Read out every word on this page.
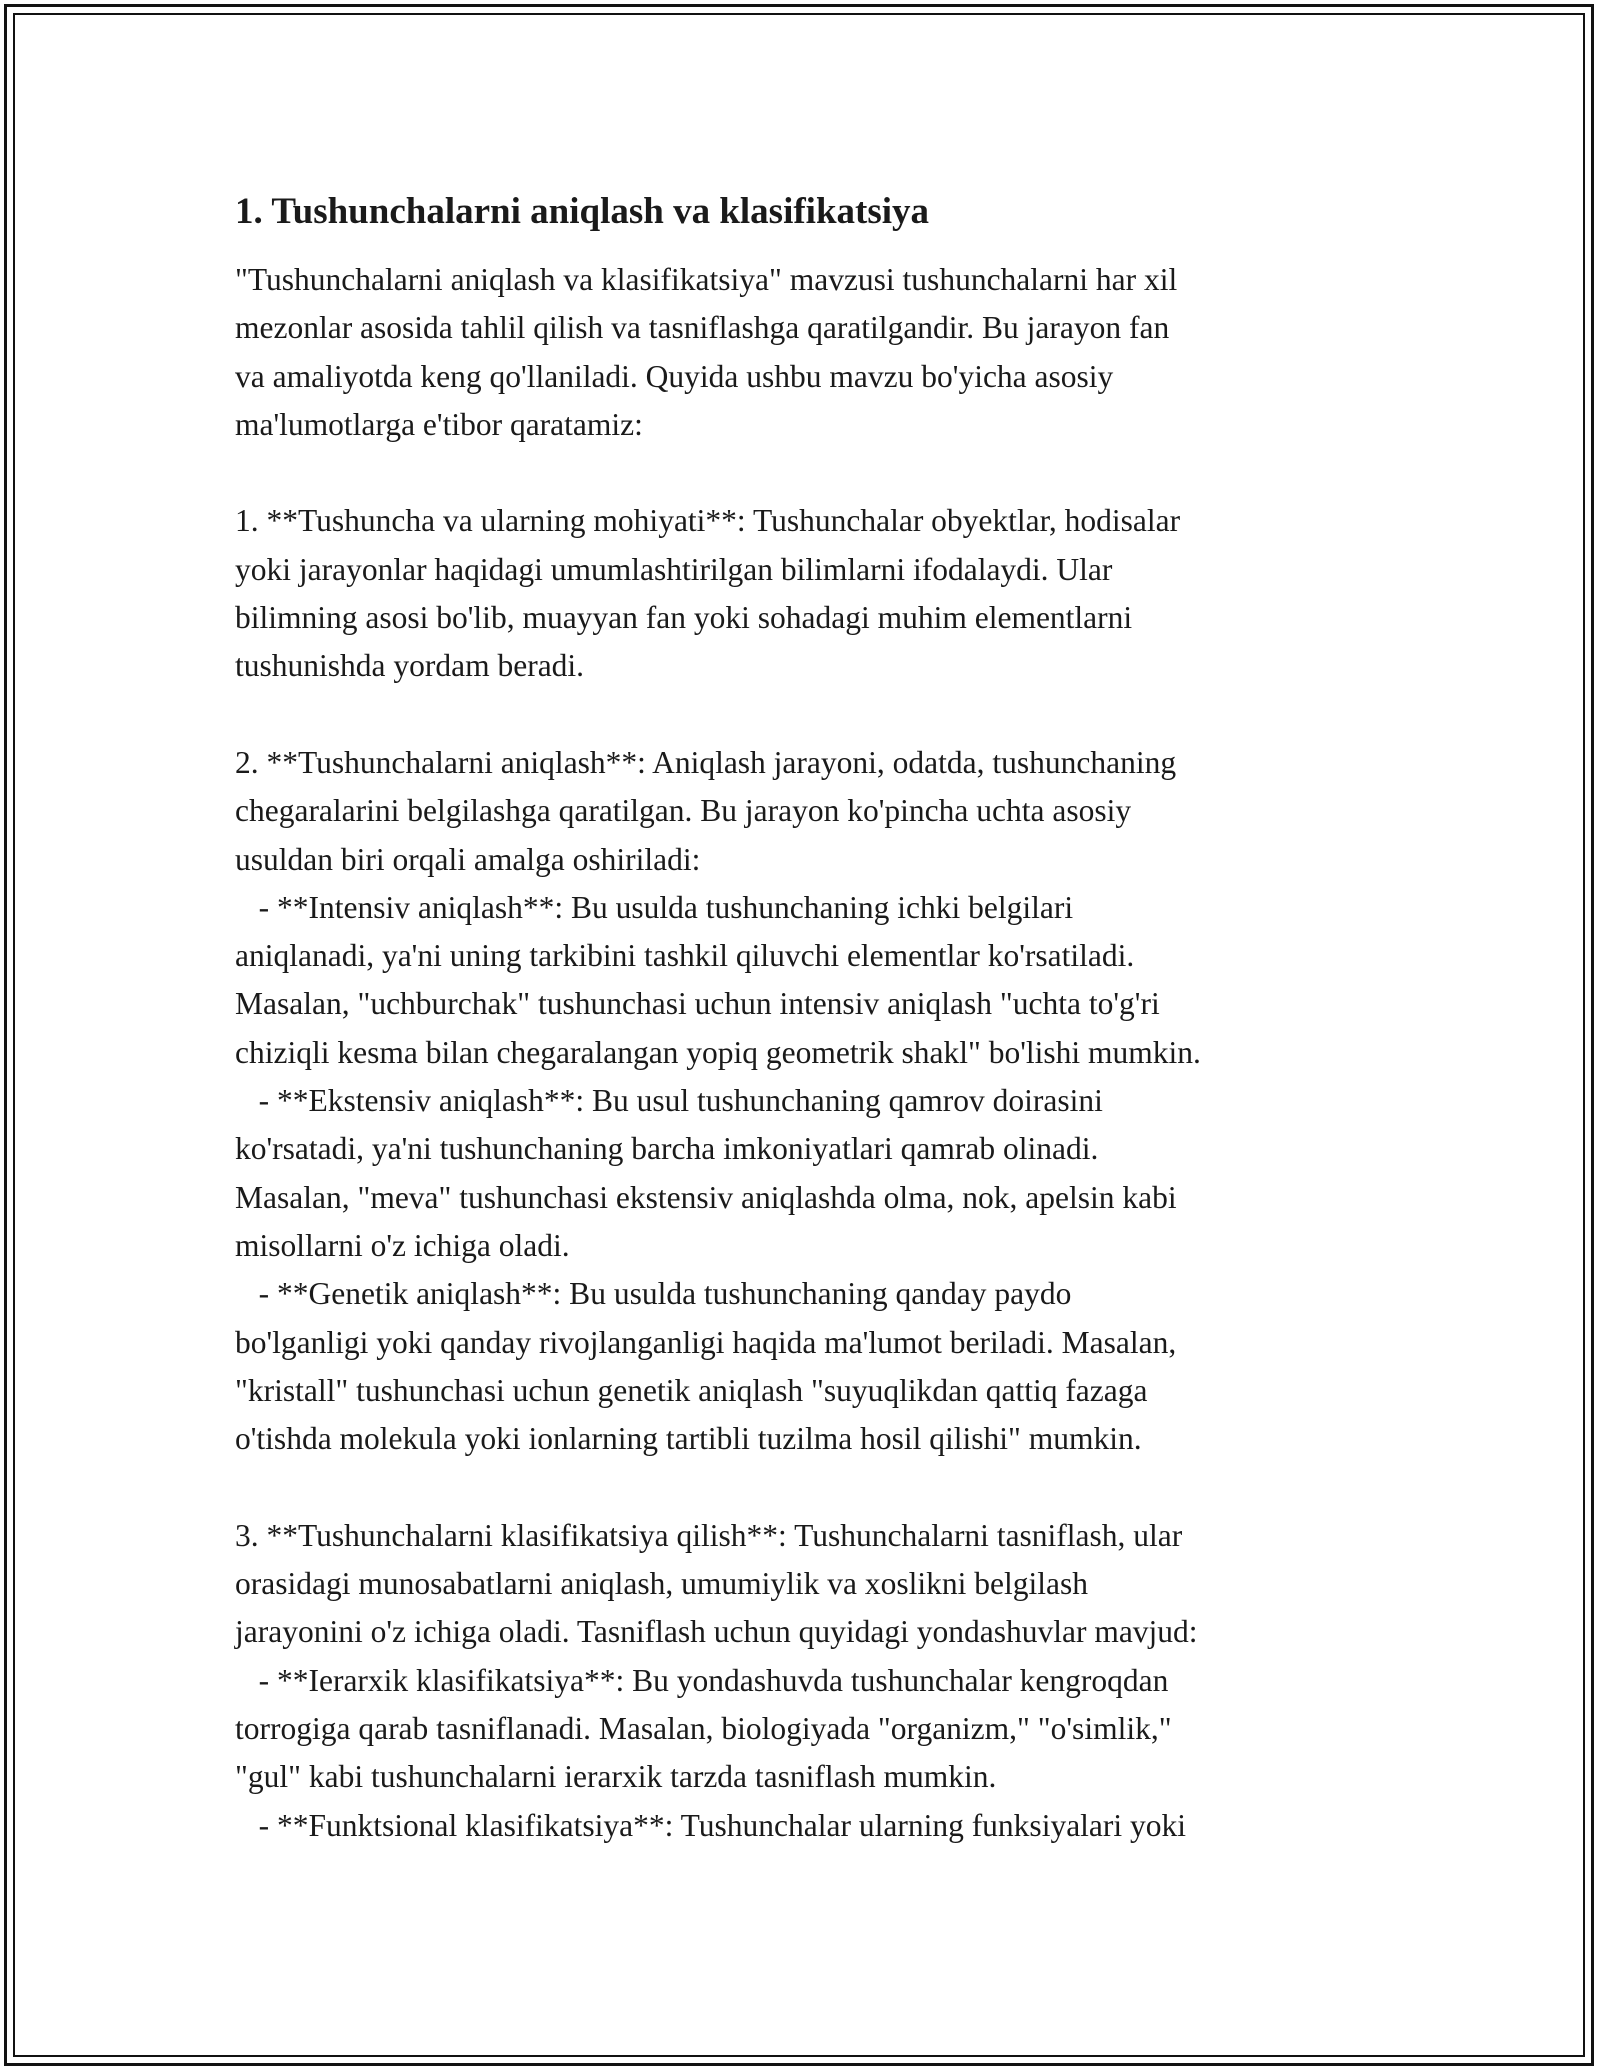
1. Tushunchalarni aniqlash va klasifikatsiya

"Tushunchalarni aniqlash va klasifikatsiya" mavzusi tushunchalarni har xil

mezonlar asosida tahlil qilish va tasniflashga qaratilgandir. Bu jarayon fan

va amaliyotda keng qo'llaniladi. Quyida ushbu mavzu bo'yicha asosiy

ma'lumotlarga e'tibor qaratamiz:

1. **Tushuncha va ularning mohiyati**: Tushunchalar obyektlar, hodisalar

yoki jarayonlar haqidagi umumlashtirilgan bilimlarni ifodalaydi. Ular

bilimning asosi bo'lib, muayyan fan yoki sohadagi muhim elementlarni

tushunishda yordam beradi.

2. **Tushunchalarni aniqlash**: Aniqlash jarayoni, odatda, tushunchaning

chegaralarini belgilashga qaratilgan. Bu jarayon ko'pincha uchta asosiy

usuldan biri orqali amalga oshiriladi:

- **Intensiv aniqlash**: Bu usulda tushunchaning ichki belgilari

aniqlanadi, ya'ni uning tarkibini tashkil qiluvchi elementlar ko'rsatiladi.

Masalan, "uchburchak" tushunchasi uchun intensiv aniqlash "uchta to'g'ri

chiziqli kesma bilan chegaralangan yopiq geometrik shakl" bo'lishi mumkin.

- **Ekstensiv aniqlash**: Bu usul tushunchaning qamrov doirasini

ko'rsatadi, ya'ni tushunchaning barcha imkoniyatlari qamrab olinadi.

Masalan, "meva" tushunchasi ekstensiv aniqlashda olma, nok, apelsin kabi

misollarni o'z ichiga oladi.

- **Genetik aniqlash**: Bu usulda tushunchaning qanday paydo

bo'lganligi yoki qanday rivojlanganligi haqida ma'lumot beriladi. Masalan,

"kristall" tushunchasi uchun genetik aniqlash "suyuqlikdan qattiq fazaga

o'tishda molekula yoki ionlarning tartibli tuzilma hosil qilishi" mumkin.

3. **Tushunchalarni klasifikatsiya qilish**: Tushunchalarni tasniflash, ular

orasidagi munosabatlarni aniqlash, umumiylik va xoslikni belgilash

jarayonini o'z ichiga oladi. Tasniflash uchun quyidagi yondashuvlar mavjud:

- **Ierarxik klasifikatsiya**: Bu yondashuvda tushunchalar kengroqdan

torrogiga qarab tasniflanadi. Masalan, biologiyada "organizm," "o'simlik,"

"gul" kabi tushunchalarni ierarxik tarzda tasniflash mumkin.

- **Funktsional klasifikatsiya**: Tushunchalar ularning funksiyalari yoki
